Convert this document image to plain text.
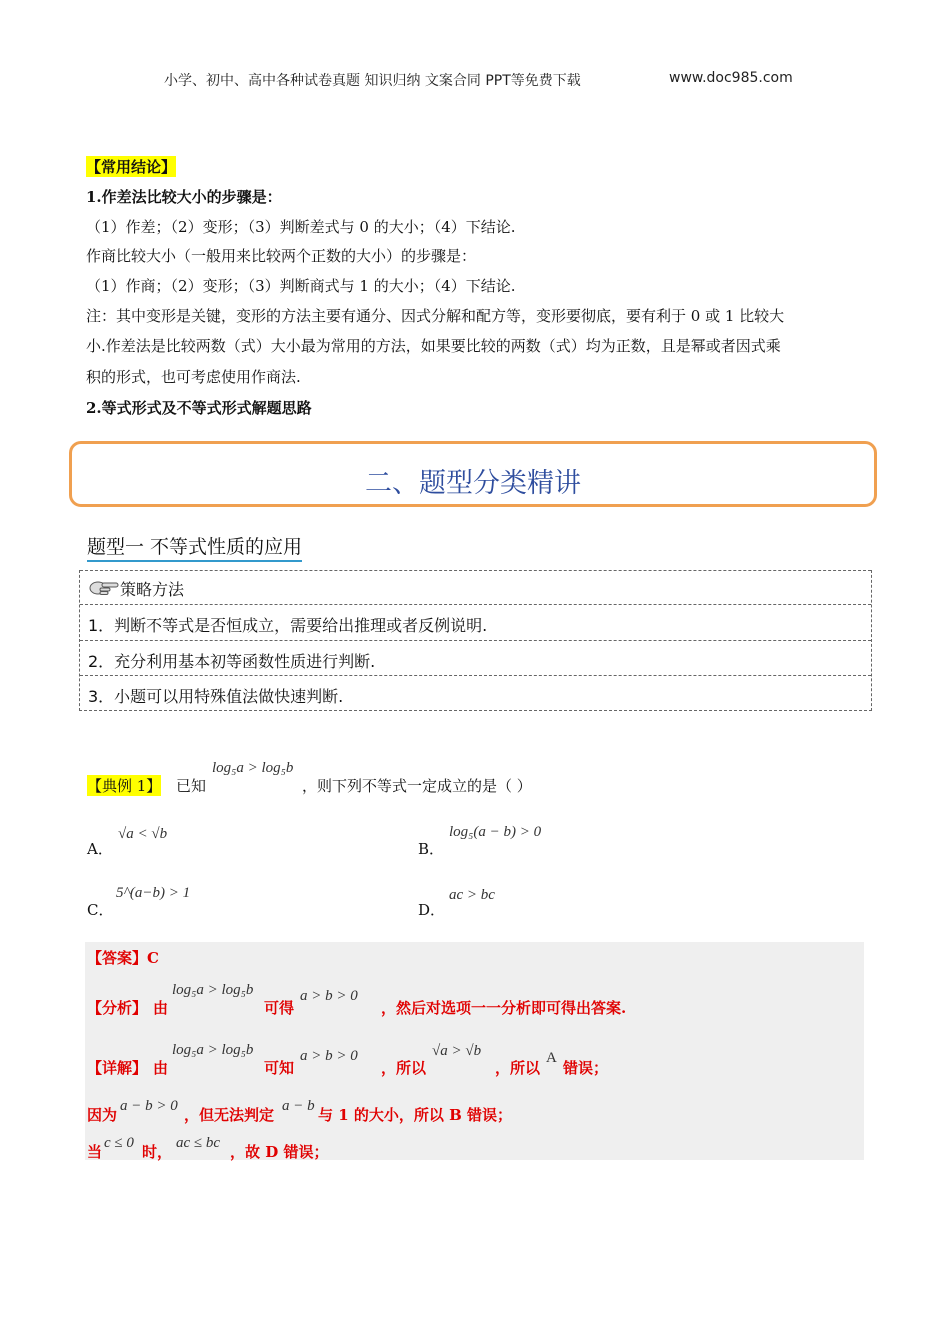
小学、初中、高中各种试卷真题 知识归纳 文案合同 PPT等免费下载	www.doc985.com
【常用结论】
1.作差法比较大小的步骤是：
（1）作差；（2）变形；（3）判断差式与 0 的大小；（4）下结论.
作商比较大小（一般用来比较两个正数的大小）的步骤是：
（1）作商；（2）变形；（3）判断商式与 1 的大小；（4）下结论.
注：其中变形是关键，变形的方法主要有通分、因式分解和配方等，变形要彻底，要有利于 0 或 1 比较大
小.作差法是比较两数（式）大小最为常用的方法，如果要比较的两数（式）均为正数，且是幂或者因式乘
积的形式，也可考虑使用作商法.
2.等式形式及不等式形式解题思路
二、题型分类精讲
题型一 不等式性质的应用
策略方法
1．判断不等式是否恒成立，需要给出推理或者反例说明.
2．充分利用基本初等函数性质进行判断.
3．小题可以用特殊值法做快速判断.
【典例 1】 已知
log₅a > log₅b
，则下列不等式一定成立的是（ ）
A．
√a < √b
B．
log₅(a − b) > 0
C．
5^(a−b) > 1
D．
ac > bc
【答案】C
【分析】 由
log₅a > log₅b
可得
a > b > 0
，然后对选项一一分析即可得出答案.
【详解】 由
log₅a > log₅b
可知
a > b > 0
，所以
√a > √b
，所以
A
错误；
因为 a − b > 0 ，但无法判定 a − b 与 1 的大小，所以 B 错误；
当 c ≤ 0 时， ac ≤ bc ，故 D 错误；
